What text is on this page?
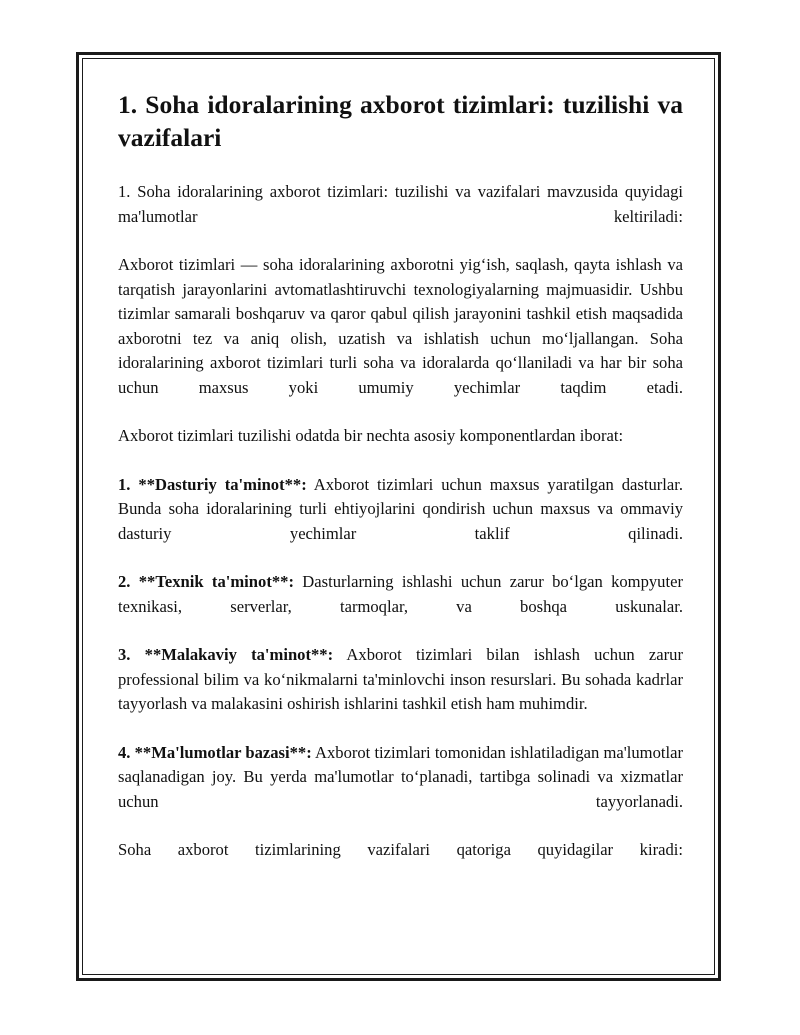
1. Soha idoralarining axborot tizimlari: tuzilishi va vazifalari

1. Soha idoralarining axborot tizimlari: tuzilishi va vazifalari mavzusida quyidagi ma'lumotlar keltiriladi:

Axborot tizimlari — soha idoralarining axborotni yig‘ish, saqlash, qayta ishlash va tarqatish jarayonlarini avtomatlashtiruvchi texnologiyalarning majmuasidir. Ushbu tizimlar samarali boshqaruv va qaror qabul qilish jarayonini tashkil etish maqsadida axborotni tez va aniq olish, uzatish va ishlatish uchun mo‘ljallangan. Soha idoralarining axborot tizimlari turli soha va idoralarda qo‘llaniladi va har bir soha uchun maxsus yoki umumiy yechimlar taqdim etadi.

Axborot tizimlari tuzilishi odatda bir nechta asosiy komponentlardan iborat:

1. **Dasturiy ta'minot**: Axborot tizimlari uchun maxsus yaratilgan dasturlar. Bunda soha idoralarining turli ehtiyojlarini qondirish uchun maxsus va ommaviy dasturiy yechimlar taklif qilinadi.

2. **Texnik ta'minot**: Dasturlarning ishlashi uchun zarur bo‘lgan kompyuter texnikasi, serverlar, tarmoqlar, va boshqa uskunalar.

3. **Malakaviy ta'minot**: Axborot tizimlari bilan ishlash uchun zarur professional bilim va ko‘nikmalarni ta'minlovchi inson resurslari. Bu sohada kadrlar tayyorlash va malakasini oshirish ishlarini tashkil etish ham muhimdir.

4. **Ma'lumotlar bazasi**: Axborot tizimlari tomonidan ishlatiladigan ma'lumotlar saqlanadigan joy. Bu yerda ma'lumotlar to‘planadi, tartibga solinadi va xizmatlar uchun tayyorlanadi.

Soha axborot tizimlarining vazifalari qatoriga quyidagilar kiradi:
